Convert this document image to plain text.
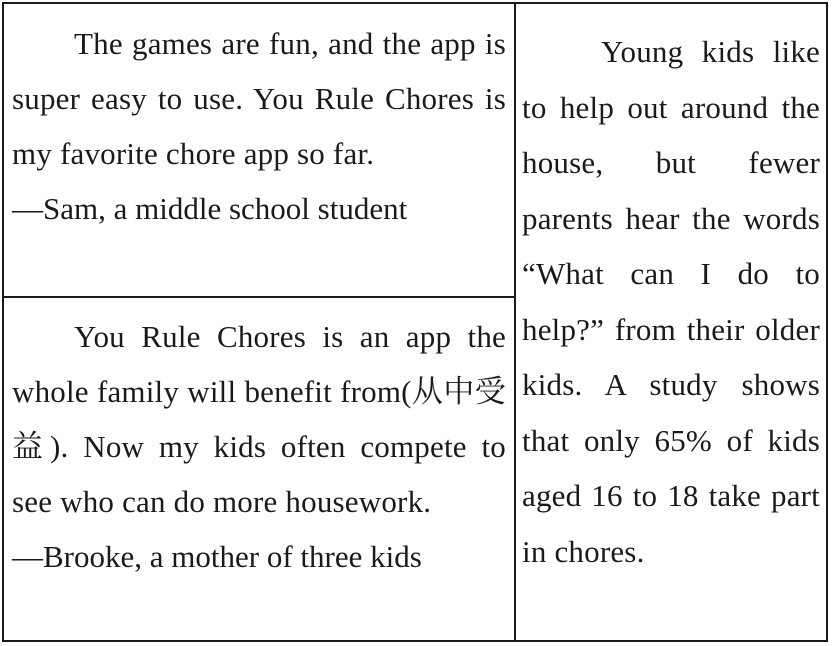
The games are fun, and the app is super easy to use. You Rule Chores is my favorite chore app so far.

—Sam, a middle school student

You Rule Chores is an app the whole family will benefit from(从中受益). Now my kids often compete to see who can do more housework.

—Brooke, a mother of three kids

Young kids like to help out around the house, but fewer parents hear the words “What can I do to help?” from their older kids. A study shows that only 65% of kids aged 16 to 18 take part in chores.
